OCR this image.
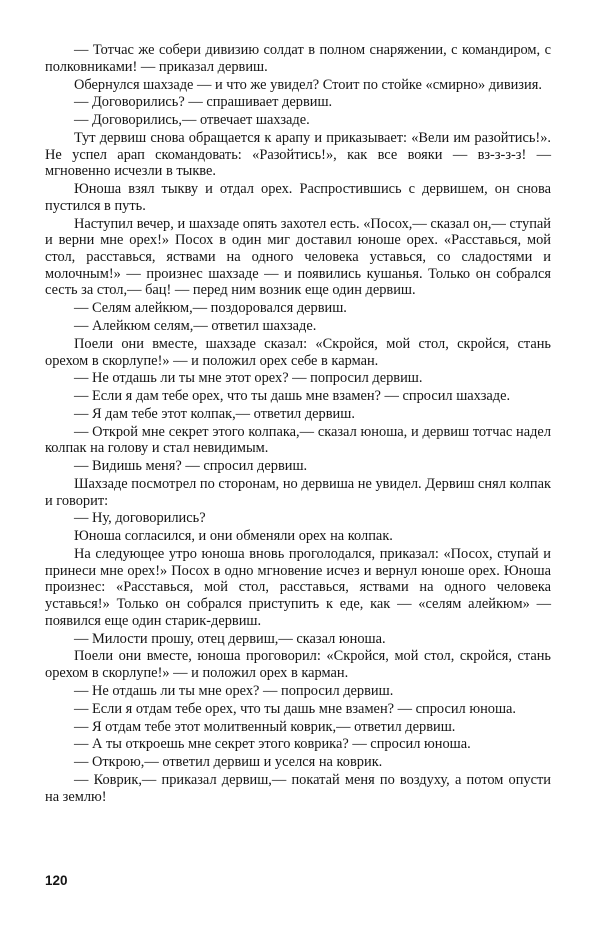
— Тотчас же собери дивизию солдат в полном снаряжении, с командиром, с полковниками! — приказал дервиш.

Обернулся шахзаде — и что же увидел? Стоит по стойке «смирно» дивизия.

— Договорились? — спрашивает дервиш.

— Договорились,— отвечает шахзаде.

Тут дервиш снова обращается к арапу и приказывает: «Вели им разойтись!». Не успел арап скомандовать: «Разойтись!», как все вояки — вз-з-з-з! — мгновенно исчезли в тыкве.

Юноша взял тыкву и отдал орех. Распростившись с дервишем, он снова пустился в путь.

Наступил вечер, и шахзаде опять захотел есть. «Посох,— сказал он,— ступай и верни мне орех!» Посох в один миг доставил юноше орех. «Расставься, мой стол, расставься, яствами на одного человека уставься, со сладостями и молочным!» — произнес шахзаде — и появились кушанья. Только он собрался сесть за стол,— бац! — перед ним возник еще один дервиш.

— Селям алейкюм,— поздоровался дервиш.

— Алейкюм селям,— ответил шахзаде.

Поели они вместе, шахзаде сказал: «Скройся, мой стол, скройся, стань орехом в скорлупе!» — и положил орех себе в карман.

— Не отдашь ли ты мне этот орех? — попросил дервиш.

— Если я дам тебе орех, что ты дашь мне взамен? — спросил шахзаде.

— Я дам тебе этот колпак,— ответил дервиш.

— Открой мне секрет этого колпака,— сказал юноша, и дервиш тотчас надел колпак на голову и стал невидимым.

— Видишь меня? — спросил дервиш.

Шахзаде посмотрел по сторонам, но дервиша не увидел. Дервиш снял колпак и говорит:

— Ну, договорились?

Юноша согласился, и они обменяли орех на колпак.

На следующее утро юноша вновь проголодался, приказал: «Посох, ступай и принеси мне орех!» Посох в одно мгновение исчез и вернул юноше орех. Юноша произнес: «Расставься, мой стол, расставься, яствами на одного человека уставься!» Только он собрался приступить к еде, как — «селям алейкюм» — появился еще один старик-дервиш.

— Милости прошу, отец дервиш,— сказал юноша.

Поели они вместе, юноша проговорил: «Скройся, мой стол, скройся, стань орехом в скорлупе!» — и положил орех в карман.

— Не отдашь ли ты мне орех? — попросил дервиш.

— Если я отдам тебе орех, что ты дашь мне взамен? — спросил юноша.

— Я отдам тебе этот молитвенный коврик,— ответил дервиш.

— А ты откроешь мне секрет этого коврика? — спросил юноша.

— Открою,— ответил дервиш и уселся на коврик.

— Коврик,— приказал дервиш,— покатай меня по воздуху, а потом опусти на землю!

120
